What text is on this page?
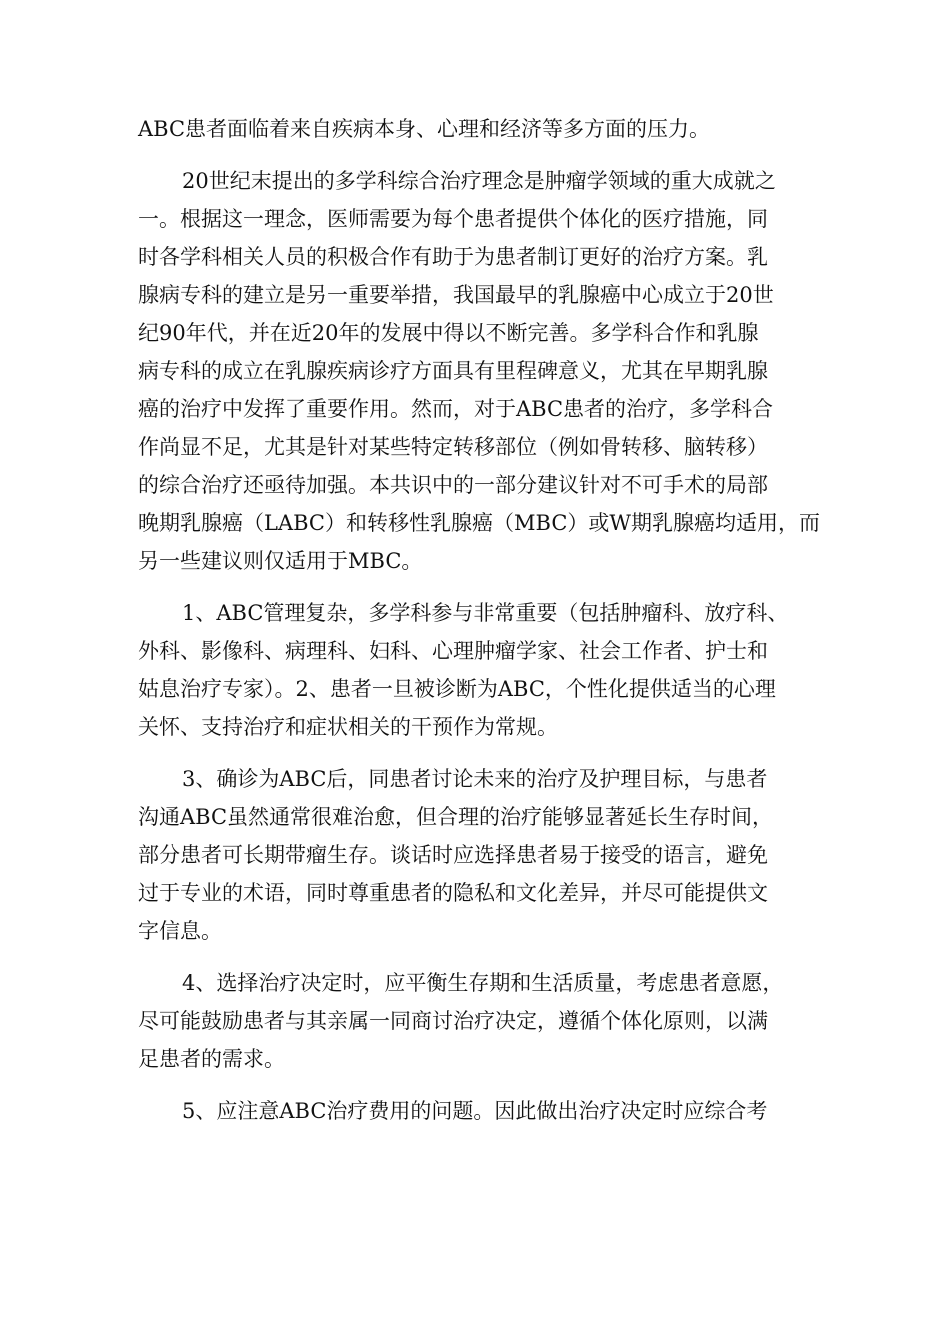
ABC患者面临着来自疾病本身、心理和经济等多方面的压力。
20世纪末提出的多学科综合治疗理念是肿瘤学领域的重大成就之
一。根据这一理念，医师需要为每个患者提供个体化的医疗措施，同
时各学科相关人员的积极合作有助于为患者制订更好的治疗方案。乳
腺病专科的建立是另一重要举措，我国最早的乳腺癌中心成立于20世
纪90年代，并在近20年的发展中得以不断完善。多学科合作和乳腺
病专科的成立在乳腺疾病诊疗方面具有里程碑意义，尤其在早期乳腺
癌的治疗中发挥了重要作用。然而，对于ABC患者的治疗，多学科合
作尚显不足，尤其是针对某些特定转移部位（例如骨转移、脑转移）
的综合治疗还亟待加强。本共识中的一部分建议针对不可手术的局部
晚期乳腺癌（LABC）和转移性乳腺癌（MBC）或W期乳腺癌均适用，而
另一些建议则仅适用于MBC。
1、ABC管理复杂，多学科参与非常重要（包括肿瘤科、放疗科、
外科、影像科、病理科、妇科、心理肿瘤学家、社会工作者、护士和
姑息治疗专家）。2、患者一旦被诊断为ABC，个性化提供适当的心理
关怀、支持治疗和症状相关的干预作为常规。
3、确诊为ABC后，同患者讨论未来的治疗及护理目标，与患者
沟通ABC虽然通常很难治愈，但合理的治疗能够显著延长生存时间，
部分患者可长期带瘤生存。谈话时应选择患者易于接受的语言，避免
过于专业的术语，同时尊重患者的隐私和文化差异，并尽可能提供文
字信息。
4、选择治疗决定时，应平衡生存期和生活质量，考虑患者意愿，
尽可能鼓励患者与其亲属一同商讨治疗决定，遵循个体化原则，以满
足患者的需求。
5、应注意ABC治疗费用的问题。因此做出治疗决定时应综合考
